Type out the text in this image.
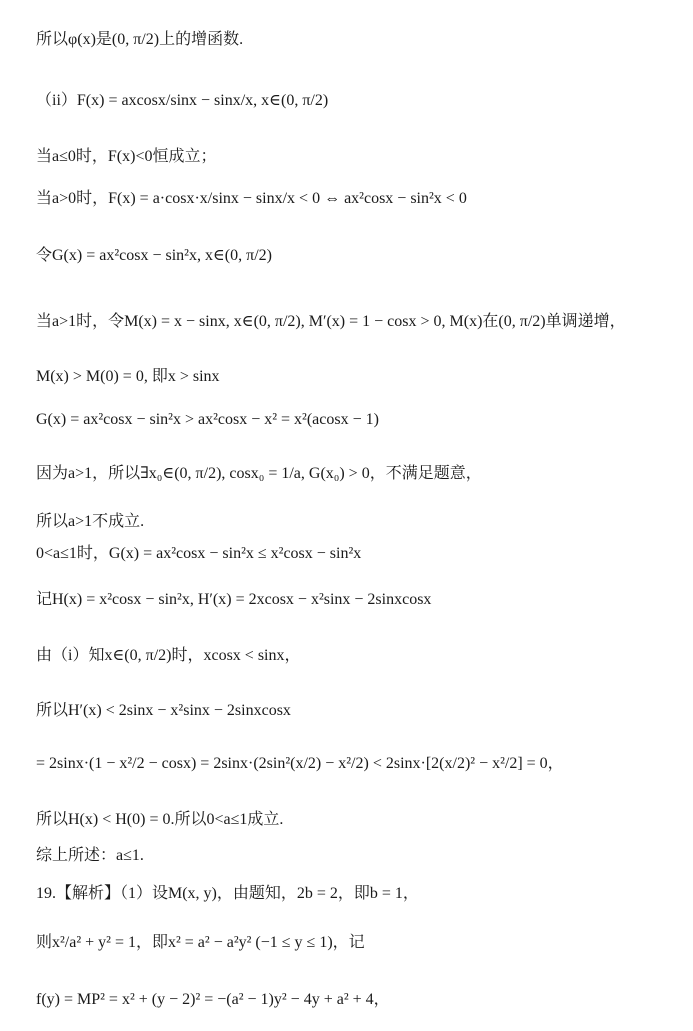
所以φ(x)是(0, π/2)上的增函数.
（ii）F(x) = axcosx/sinx − sinx/x, x∈(0, π/2)
当a≤0时，F(x)<0恒成立；
当a>0时，F(x) = a·cosx·x/sinx − sinx/x < 0 ⇔ ax²cosx − sin²x < 0
令G(x) = ax²cosx − sin²x, x∈(0, π/2)
当a>1时，令M(x) = x − sinx, x∈(0, π/2), M′(x) = 1 − cosx > 0, M(x)在(0, π/2)单调递增，
M(x) > M(0) = 0, 即x > sinx
G(x) = ax²cosx − sin²x > ax²cosx − x² = x²(acosx − 1)
因为a>1，所以∃x₀∈(0, π/2), cosx₀ = 1/a, G(x₀) > 0，不满足题意，
所以a>1不成立.
0<a≤1时，G(x) = ax²cosx − sin²x ≤ x²cosx − sin²x
记H(x) = x²cosx − sin²x, H′(x) = 2xcosx − x²sinx − 2sinxcosx
由（i）知x∈(0, π/2)时，xcosx < sinx，
所以H′(x) < 2sinx − x²sinx − 2sinxcosx
= 2sinx·(1 − x²/2 − cosx) = 2sinx·(2sin²(x/2) − x²/2) < 2sinx·[2(x/2)² − x²/2] = 0，
所以H(x) < H(0) = 0.所以0<a≤1成立.
综上所述：a≤1.
19.【解析】（1）设M(x, y)，由题知，2b = 2，即b = 1，
则x²/a² + y² = 1，即x² = a² − a²y² (−1 ≤ y ≤ 1)，记
f(y) = MP² = x² + (y − 2)² = −(a² − 1)y² − 4y + a² + 4，
